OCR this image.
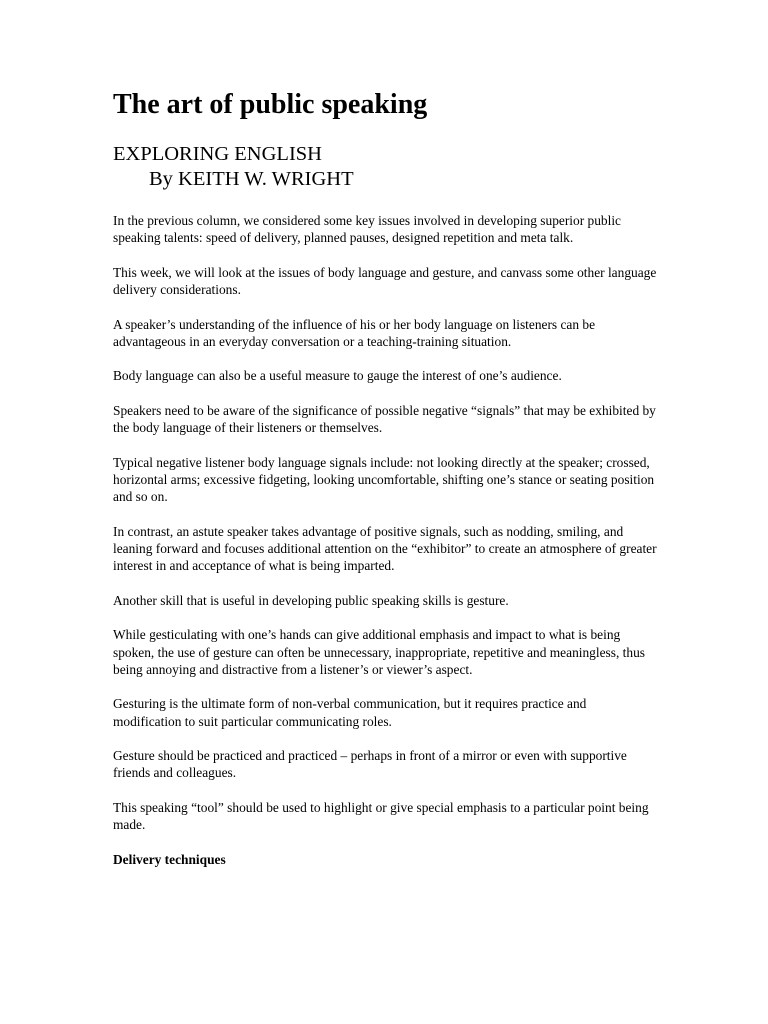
The art of public speaking
EXPLORING ENGLISH
By KEITH W. WRIGHT

In the previous column, we considered some key issues involved in developing superior public speaking talents: speed of delivery, planned pauses, designed repetition and meta talk.

This week, we will look at the issues of body language and gesture, and canvass some other language delivery considerations.

A speaker’s understanding of the influence of his or her body language on listeners can be advantageous in an everyday conversation or a teaching-training situation.

Body language can also be a useful measure to gauge the interest of one’s audience.

Speakers need to be aware of the significance of possible negative “signals” that may be exhibited by the body language of their listeners or themselves.

Typical negative listener body language signals include: not looking directly at the speaker; crossed, horizontal arms; excessive fidgeting, looking uncomfortable, shifting one’s stance or seating position and so on.

In contrast, an astute speaker takes advantage of positive signals, such as nodding, smiling, and leaning forward and focuses additional attention on the “exhibitor” to create an atmosphere of greater interest in and acceptance of what is being imparted.

Another skill that is useful in developing public speaking skills is gesture.

While gesticulating with one’s hands can give additional emphasis and impact to what is being spoken, the use of gesture can often be unnecessary, inappropriate, repetitive and meaningless, thus being annoying and distractive from a listener’s or viewer’s aspect.

Gesturing is the ultimate form of non-verbal communication, but it requires practice and modification to suit particular communicating roles.

Gesture should be practiced and practiced – perhaps in front of a mirror or even with supportive friends and colleagues.

This speaking “tool” should be used to highlight or give special emphasis to a particular point being made.

Delivery techniques
